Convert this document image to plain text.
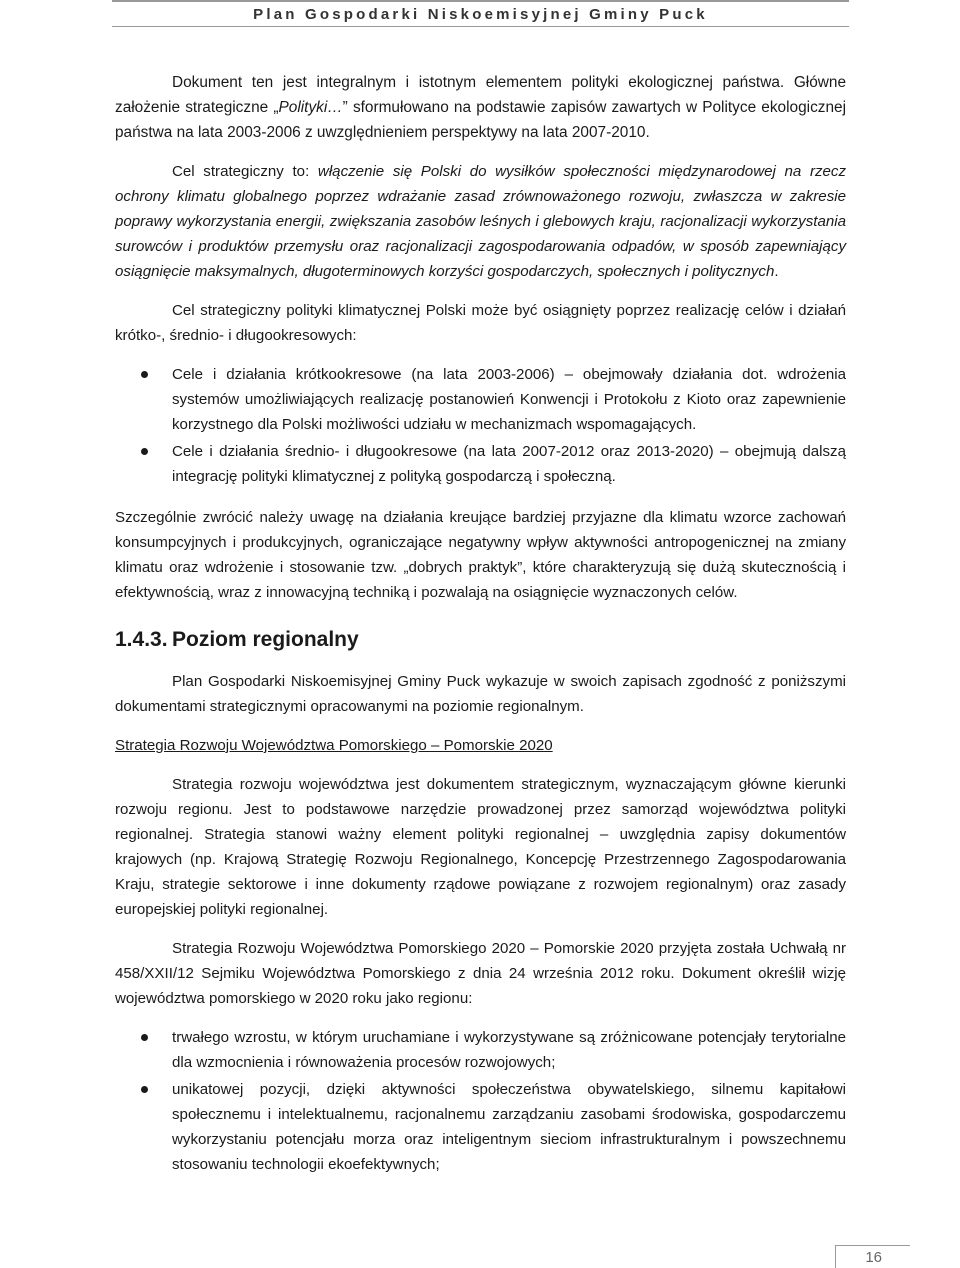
Plan Gospodarki Niskoemisyjnej Gminy Puck

Dokument ten jest integralnym i istotnym elementem polityki ekologicznej państwa. Główne założenie strategiczne „Polityki…” sformułowano na podstawie zapisów zawartych w Polityce ekologicznej państwa na lata 2003-2006 z uwzględnieniem perspektywy na lata 2007-2010.

Cel strategiczny to: włączenie się Polski do wysiłków społeczności międzynarodowej na rzecz ochrony klimatu globalnego poprzez wdrażanie zasad zrównoważonego rozwoju, zwłaszcza w zakresie poprawy wykorzystania energii, zwiększania zasobów leśnych i glebowych kraju, racjonalizacji wykorzystania surowców i produktów przemysłu oraz racjonalizacji zagospodarowania odpadów, w sposób zapewniający osiągnięcie maksymalnych, długoterminowych korzyści gospodarczych, społecznych i politycznych.

Cel strategiczny polityki klimatycznej Polski może być osiągnięty poprzez realizację celów i działań krótko-, średnio- i długookresowych:

Cele i działania krótkookresowe (na lata 2003-2006) – obejmowały działania dot. wdrożenia systemów umożliwiających realizację postanowień Konwencji i Protokołu z Kioto oraz zapewnienie korzystnego dla Polski możliwości udziału w mechanizmach wspomagających.
Cele i działania średnio- i długookresowe (na lata 2007-2012 oraz 2013-2020) – obejmują dalszą integrację polityki klimatycznej z polityką gospodarczą i społeczną.

Szczególnie zwrócić należy uwagę na działania kreujące bardziej przyjazne dla klimatu wzorce zachowań konsumpcyjnych i produkcyjnych, ograniczające negatywny wpływ aktywności antropogenicznej na zmiany klimatu oraz wdrożenie i stosowanie tzw. „dobrych praktyk”, które charakteryzują się dużą skutecznością i efektywnością, wraz z innowacyjną techniką i pozwalają na osiągnięcie wyznaczonych celów.

1.4.3. Poziom regionalny

Plan Gospodarki Niskoemisyjnej Gminy Puck wykazuje w swoich zapisach zgodność z poniższymi dokumentami strategicznymi opracowanymi na poziomie regionalnym.

Strategia Rozwoju Województwa Pomorskiego – Pomorskie 2020

Strategia rozwoju województwa jest dokumentem strategicznym, wyznaczającym główne kierunki rozwoju regionu. Jest to podstawowe narzędzie prowadzonej przez samorząd województwa polityki regionalnej. Strategia stanowi ważny element polityki regionalnej – uwzględnia zapisy dokumentów krajowych (np. Krajową Strategię Rozwoju Regionalnego, Koncepcję Przestrzennego Zagospodarowania Kraju, strategie sektorowe i inne dokumenty rządowe powiązane z rozwojem regionalnym) oraz zasady europejskiej polityki regionalnej.

Strategia Rozwoju Województwa Pomorskiego 2020 – Pomorskie 2020 przyjęta została Uchwałą nr 458/XXII/12 Sejmiku Województwa Pomorskiego z dnia 24 września 2012 roku. Dokument określił wizję województwa pomorskiego w 2020 roku jako regionu:

trwałego wzrostu, w którym uruchamiane i wykorzystywane są zróżnicowane potencjały terytorialne dla wzmocnienia i równoważenia procesów rozwojowych;
unikatowej pozycji, dzięki aktywności społeczeństwa obywatelskiego, silnemu kapitałowi społecznemu i intelektualnemu, racjonalnemu zarządzaniu zasobami środowiska, gospodarczemu wykorzystaniu potencjału morza oraz inteligentnym sieciom infrastrukturalnym i powszechnemu stosowaniu technologii ekoefektywnych;
16
